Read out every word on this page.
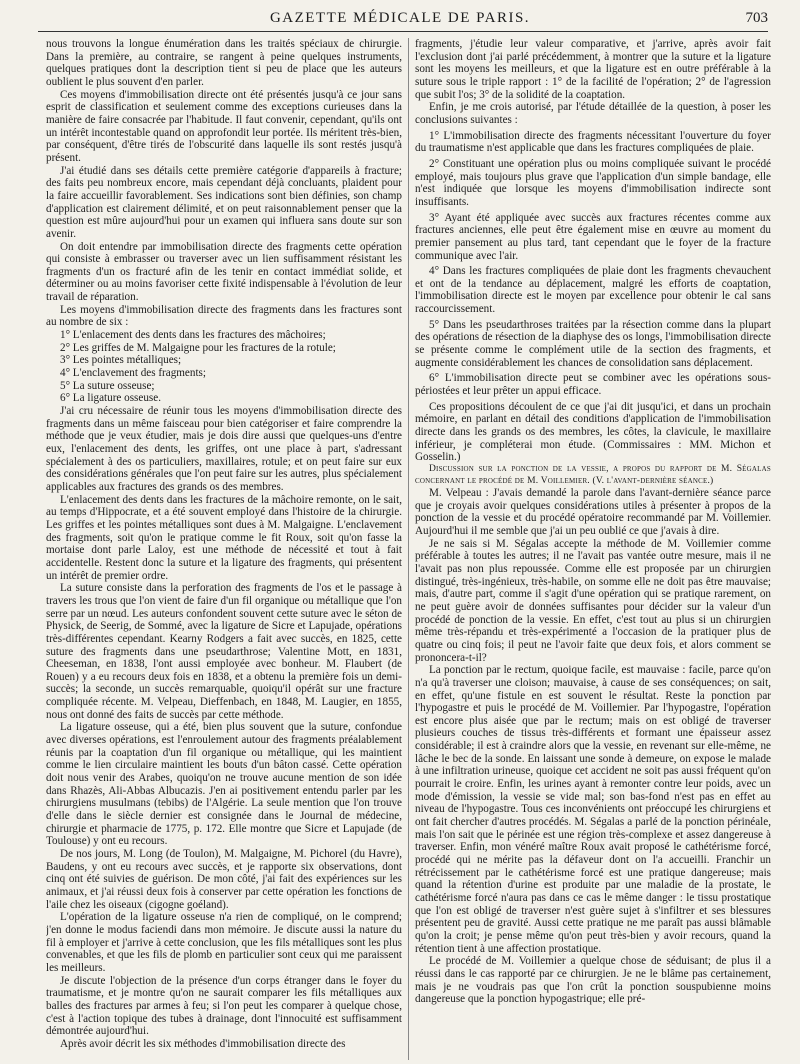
GAZETTE MÉDICALE DE PARIS.	703

nous trouvons la longue énumération dans les traités spéciaux de chirurgie. Dans la première, au contraire, se rangent à peine quelques instruments, quelques pratiques dont la description tient si peu de place que les auteurs oublient le plus souvent d'en parler.

Ces moyens d'immobilisation directe ont été présentés jusqu'à ce jour sans esprit de classification et seulement comme des exceptions curieuses dans la manière de faire consacrée par l'habitude. Il faut convenir, cependant, qu'ils ont un intérêt incontestable quand on approfondit leur portée. Ils méritent très-bien, par conséquent, d'être tirés de l'obscurité dans laquelle ils sont restés jusqu'à présent.

J'ai étudié dans ses détails cette première catégorie d'appareils à fracture; des faits peu nombreux encore, mais cependant déjà concluants, plaident pour la faire accueillir favorablement. Ses indications sont bien définies, son champ d'application est clairement délimité, et on peut raisonnablement penser que la question est mûre aujourd'hui pour un examen qui influera sans doute sur son avenir.

On doit entendre par immobilisation directe des fragments cette opération qui consiste à embrasser ou traverser avec un lien suffisamment résistant les fragments d'un os fracturé afin de les tenir en contact immédiat solide, et déterminer ou au moins favoriser cette fixité indispensable à l'évolution de leur travail de réparation.

Les moyens d'immobilisation directe des fragments dans les fractures sont au nombre de six :

1° L'enlacement des dents dans les fractures des mâchoires;

2° Les griffes de M. Malgaigne pour les fractures de la rotule;

3° Les pointes métalliques;

4° L'enclavement des fragments;

5° La suture osseuse;

6° La ligature osseuse.

J'ai cru nécessaire de réunir tous les moyens d'immobilisation directe des fragments dans un même faisceau pour bien catégoriser et faire comprendre la méthode que je veux étudier, mais je dois dire aussi que quelques-uns d'entre eux, l'enlacement des dents, les griffes, ont une place à part, s'adressant spécialement à des os particuliers, maxillaires, rotule; et on peut faire sur eux des considérations générales que l'on peut faire sur les autres, plus spécialement applicables aux fractures des grands os des membres.

L'enlacement des dents dans les fractures de la mâchoire remonte, on le sait, au temps d'Hippocrate, et a été souvent employé dans l'histoire de la chirurgie. Les griffes et les pointes métalliques sont dues à M. Malgaigne. L'enclavement des fragments, soit qu'on le pratique comme le fit Roux, soit qu'on fasse la mortaise dont parle Laloy, est une méthode de nécessité et tout à fait accidentelle. Restent donc la suture et la ligature des fragments, qui présentent un intérêt de premier ordre.

La suture consiste dans la perforation des fragments de l'os et le passage à travers les trous que l'on vient de faire d'un fil organique ou métallique que l'on serre par un nœud. Les auteurs confondent souvent cette suture avec le séton de Physick, de Seerig, de Sommé, avec la ligature de Sicre et Lapujade, opérations très-différentes cependant. Kearny Rodgers a fait avec succès, en 1825, cette suture des fragments dans une pseudarthrose; Valentine Mott, en 1831, Cheeseman, en 1838, l'ont aussi employée avec bonheur. M. Flaubert (de Rouen) y a eu recours deux fois en 1838, et a obtenu la première fois un demi-succès; la seconde, un succès remarquable, quoiqu'il opérât sur une fracture compliquée récente. M. Velpeau, Dieffenbach, en 1848, M. Laugier, en 1855, nous ont donné des faits de succès par cette méthode.

La ligature osseuse, qui a été, bien plus souvent que la suture, confondue avec diverses opérations, est l'enroulement autour des fragments préalablement réunis par la coaptation d'un fil organique ou métallique, qui les maintient comme le lien circulaire maintient les bouts d'un bâton cassé. Cette opération doit nous venir des Arabes, quoiqu'on ne trouve aucune mention de son idée dans Rhazès, Ali-Abbas Albucazis. J'en ai positivement entendu parler par les chirurgiens musulmans (tebibs) de l'Algérie. La seule mention que l'on trouve d'elle dans le siècle dernier est consignée dans le Journal de médecine, chirurgie et pharmacie de 1775, p. 172. Elle montre que Sicre et Lapujade (de Toulouse) y ont eu recours.

De nos jours, M. Long (de Toulon), M. Malgaigne, M. Pichorel (du Havre), Baudens, y ont eu recours avec succès, et je rapporte six observations, dont cinq ont été suivies de guérison. De mon côté, j'ai fait des expériences sur les animaux, et j'ai réussi deux fois à conserver par cette opération les fonctions de l'aile chez les oiseaux (cigogne goéland).

L'opération de la ligature osseuse n'a rien de compliqué, on le comprend; j'en donne le modus faciendi dans mon mémoire. Je discute aussi la nature du fil à employer et j'arrive à cette conclusion, que les fils métalliques sont les plus convenables, et que les fils de plomb en particulier sont ceux qui me paraissent les meilleurs.

Je discute l'objection de la présence d'un corps étranger dans le foyer du traumatisme, et je montre qu'on ne saurait comparer les fils métalliques aux balles des fractures par armes à feu; si l'on peut les comparer à quelque chose, c'est à l'action topique des tubes à drainage, dont l'innocuité est suffisamment démontrée aujourd'hui.

Après avoir décrit les six méthodes d'immobilisation directe des

fragments, j'étudie leur valeur comparative, et j'arrive, après avoir fait l'exclusion dont j'ai parlé précédemment, à montrer que la suture et la ligature sont les moyens les meilleurs, et que la ligature est en outre préférable à la suture sous le triple rapport : 1° de la facilité de l'opération; 2° de l'agression que subit l'os; 3° de la solidité de la coaptation.

Enfin, je me crois autorisé, par l'étude détaillée de la question, à poser les conclusions suivantes :

1° L'immobilisation directe des fragments nécessitant l'ouverture du foyer du traumatisme n'est applicable que dans les fractures compliquées de plaie.

2° Constituant une opération plus ou moins compliquée suivant le procédé employé, mais toujours plus grave que l'application d'un simple bandage, elle n'est indiquée que lorsque les moyens d'immobilisation indirecte sont insuffisants.

3° Ayant été appliquée avec succès aux fractures récentes comme aux fractures anciennes, elle peut être également mise en œuvre au moment du premier pansement au plus tard, tant cependant que le foyer de la fracture communique avec l'air.

4° Dans les fractures compliquées de plaie dont les fragments chevauchent et ont de la tendance au déplacement, malgré les efforts de coaptation, l'immobilisation directe est le moyen par excellence pour obtenir le cal sans raccourcissement.

5° Dans les pseudarthroses traitées par la résection comme dans la plupart des opérations de résection de la diaphyse des os longs, l'immobilisation directe se présente comme le complément utile de la section des fragments, et augmente considérablement les chances de consolidation sans déplacement.

6° L'immobilisation directe peut se combiner avec les opérations sous-périostées et leur prêter un appui efficace.

Ces propositions découlent de ce que j'ai dit jusqu'ici, et dans un prochain mémoire, en parlant en détail des conditions d'application de l'immobilisation directe dans les grands os des membres, les côtes, la clavicule, le maxillaire inférieur, je compléterai mon étude. (Commissaires : MM. Michon et Gosselin.)

Discussion sur la ponction de la vessie, a propos du rapport de M. Ségalas concernant le procédé de M. Voillemier. (V. l'avant-dernière séance.)

M. Velpeau : J'avais demandé la parole dans l'avant-dernière séance parce que je croyais avoir quelques considérations utiles à présenter à propos de la ponction de la vessie et du procédé opératoire recommandé par M. Voillemier. Aujourd'hui il me semble que j'ai un peu oublié ce que j'avais à dire.

Je ne sais si M. Ségalas accepte la méthode de M. Voillemier comme préférable à toutes les autres; il ne l'avait pas vantée outre mesure, mais il ne l'avait pas non plus repoussée. Comme elle est proposée par un chirurgien distingué, très-ingénieux, très-habile, on somme elle ne doit pas être mauvaise; mais, d'autre part, comme il s'agit d'une opération qui se pratique rarement, on ne peut guère avoir de données suffisantes pour décider sur la valeur d'un procédé de ponction de la vessie. En effet, c'est tout au plus si un chirurgien même très-répandu et très-expérimenté a l'occasion de la pratiquer plus de quatre ou cinq fois; il peut ne l'avoir faite que deux fois, et alors comment se prononcera-t-il?

La ponction par le rectum, quoique facile, est mauvaise : facile, parce qu'on n'a qu'à traverser une cloison; mauvaise, à cause de ses conséquences; on sait, en effet, qu'une fistule en est souvent le résultat. Reste la ponction par l'hypogastre et puis le procédé de M. Voillemier. Par l'hypogastre, l'opération est encore plus aisée que par le rectum; mais on est obligé de traverser plusieurs couches de tissus très-différents et formant une épaisseur assez considérable; il est à craindre alors que la vessie, en revenant sur elle-même, ne lâche le bec de la sonde. En laissant une sonde à demeure, on expose le malade à une infiltration urineuse, quoique cet accident ne soit pas aussi fréquent qu'on pourrait le croire. Enfin, les urines ayant à remonter contre leur poids, avec un mode d'émission, la vessie se vide mal; son bas-fond n'est pas en effet au niveau de l'hypogastre. Tous ces inconvénients ont préoccupé les chirurgiens et ont fait chercher d'autres procédés. M. Ségalas a parlé de la ponction périnéale, mais l'on sait que le périnée est une région très-complexe et assez dangereuse à traverser. Enfin, mon vénéré maître Roux avait proposé le cathétérisme forcé, procédé qui ne mérite pas la défaveur dont on l'a accueilli. Franchir un rétrécissement par le cathétérisme forcé est une pratique dangereuse; mais quand la rétention d'urine est produite par une maladie de la prostate, le cathétérisme forcé n'aura pas dans ce cas le même danger : le tissu prostatique que l'on est obligé de traverser n'est guère sujet à s'infiltrer et ses blessures présentent peu de gravité. Aussi cette pratique ne me paraît pas aussi blâmable qu'on la croit; je pense même qu'on peut très-bien y avoir recours, quand la rétention tient à une affection prostatique.

Le procédé de M. Voillemier a quelque chose de séduisant; de plus il a réussi dans le cas rapporté par ce chirurgien. Je ne le blâme pas certainement, mais je ne voudrais pas que l'on crût la ponction souspubienne moins dangereuse que la ponction hypogastrique; elle pré-
